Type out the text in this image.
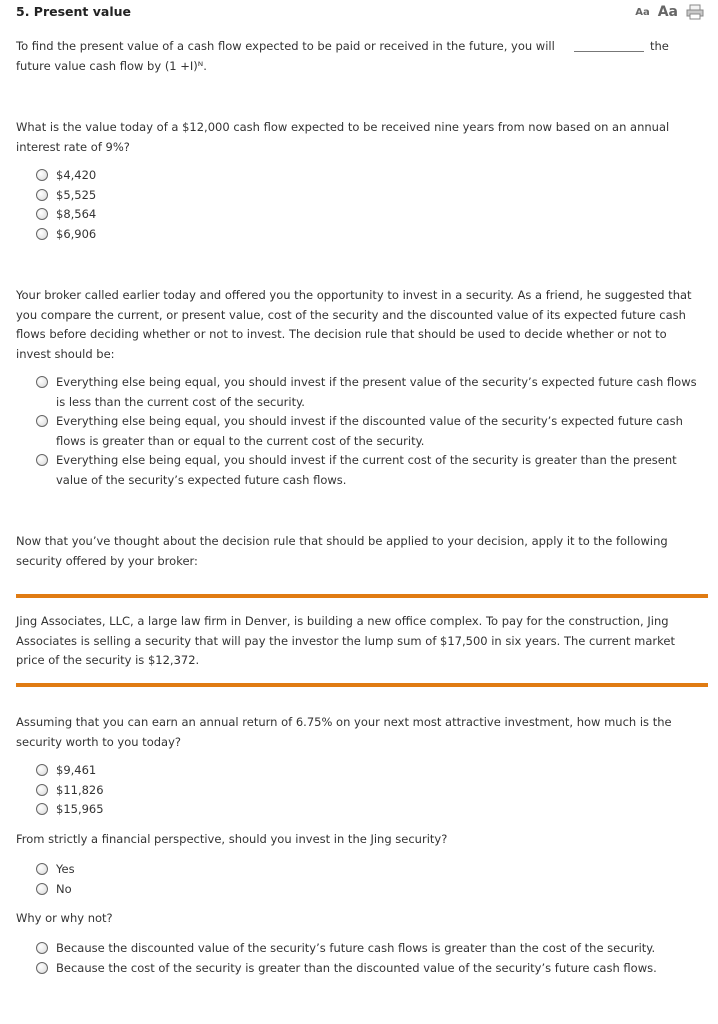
5. Present value	Aa Aa
To find the present value of a cash flow expected to be paid or received in the future, you will	the
future value cash flow by (1 +I)ᴺ.
What is the value today of a $12,000 cash flow expected to be received nine years from now based on an annual
interest rate of 9%?
$4,420
$5,525
$8,564
$6,906
Your broker called earlier today and offered you the opportunity to invest in a security. As a friend, he suggested that
you compare the current, or present value, cost of the security and the discounted value of its expected future cash
flows before deciding whether or not to invest. The decision rule that should be used to decide whether or not to
invest should be:
Everything else being equal, you should invest if the present value of the security’s expected future cash flows
is less than the current cost of the security.
Everything else being equal, you should invest if the discounted value of the security’s expected future cash
flows is greater than or equal to the current cost of the security.
Everything else being equal, you should invest if the current cost of the security is greater than the present
value of the security’s expected future cash flows.
Now that you’ve thought about the decision rule that should be applied to your decision, apply it to the following
security offered by your broker:
Jing Associates, LLC, a large law firm in Denver, is building a new office complex. To pay for the construction, Jing
Associates is selling a security that will pay the investor the lump sum of $17,500 in six years. The current market
price of the security is $12,372.
Assuming that you can earn an annual return of 6.75% on your next most attractive investment, how much is the
security worth to you today?
$9,461
$11,826
$15,965
From strictly a financial perspective, should you invest in the Jing security?
Yes
No
Why or why not?
Because the discounted value of the security’s future cash flows is greater than the cost of the security.
Because the cost of the security is greater than the discounted value of the security’s future cash flows.
